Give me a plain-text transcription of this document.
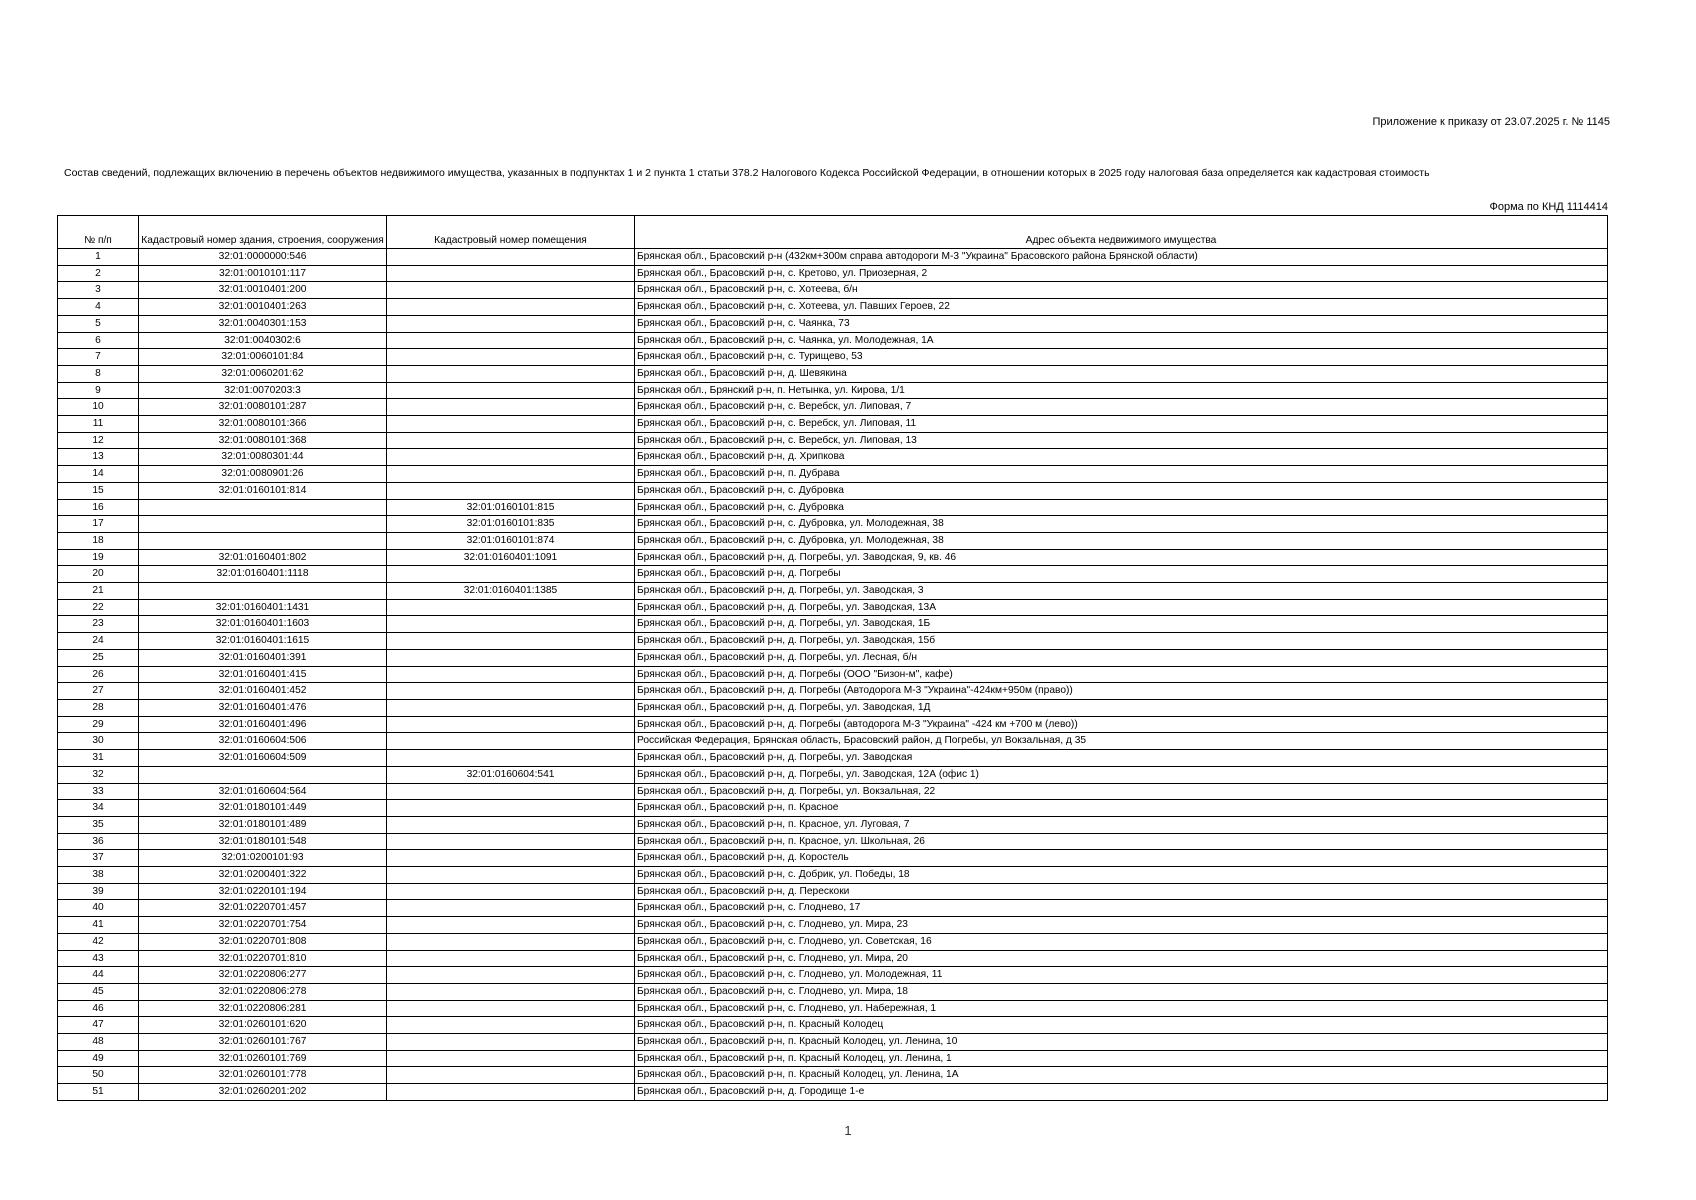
Приложение к приказу от 23.07.2025 г. № 1145
Состав сведений, подлежащих включению в перечень объектов недвижимого имущества, указанных в подпунктах 1 и 2 пункта 1 статьи 378.2 Налогового Кодекса Российской Федерации, в отношении которых в 2025 году налоговая база определяется как кадастровая стоимость
Форма по КНД 1114414
№ п/п	Кадастровый номер здания, строения, сооружения	Кадастровый номер помещения	Адрес объекта недвижимого имущества
1	32:01:0000000:546		Брянская обл., Брасовский р-н (432км+300м справа автодороги М-3 "Украина" Брасовского района Брянской области)
2	32:01:0010101:117		Брянская обл., Брасовский р-н, с. Кретово, ул. Приозерная, 2
3	32:01:0010401:200		Брянская обл., Брасовский р-н, с. Хотеева, б/н
4	32:01:0010401:263		Брянская обл., Брасовский р-н, с. Хотеева, ул. Павших Героев, 22
5	32:01:0040301:153		Брянская обл., Брасовский р-н, с. Чаянка, 73
6	32:01:0040302:6		Брянская обл., Брасовский р-н, с. Чаянка, ул. Молодежная, 1А
7	32:01:0060101:84		Брянская обл., Брасовский р-н, с. Турищево, 53
8	32:01:0060201:62		Брянская обл., Брасовский р-н, д. Шевякина
9	32:01:0070203:3		Брянская обл., Брянский р-н, п. Нетынка, ул. Кирова, 1/1
10	32:01:0080101:287		Брянская обл., Брасовский р-н, с. Веребск, ул. Липовая, 7
11	32:01:0080101:366		Брянская обл., Брасовский р-н, с. Веребск, ул. Липовая, 11
12	32:01:0080101:368		Брянская обл., Брасовский р-н, с. Веребск, ул. Липовая, 13
13	32:01:0080301:44		Брянская обл., Брасовский р-н, д. Хрипкова
14	32:01:0080901:26		Брянская обл., Брасовский р-н, п. Дубрава
15	32:01:0160101:814		Брянская обл., Брасовский р-н, с. Дубровка
16		32:01:0160101:815	Брянская обл., Брасовский р-н, с. Дубровка
17		32:01:0160101:835	Брянская обл., Брасовский р-н, с. Дубровка, ул. Молодежная, 38
18		32:01:0160101:874	Брянская обл., Брасовский р-н, с. Дубровка, ул. Молодежная, 38
19	32:01:0160401:802	32:01:0160401:1091	Брянская обл., Брасовский р-н, д. Погребы, ул. Заводская, 9, кв. 46
20	32:01:0160401:1118		Брянская обл., Брасовский р-н, д. Погребы
21		32:01:0160401:1385	Брянская обл., Брасовский р-н, д. Погребы, ул. Заводская, 3
22	32:01:0160401:1431		Брянская обл., Брасовский р-н, д. Погребы, ул. Заводская, 13А
23	32:01:0160401:1603		Брянская обл., Брасовский р-н, д. Погребы, ул. Заводская, 1Б
24	32:01:0160401:1615		Брянская обл., Брасовский р-н, д. Погребы, ул. Заводская, 15б
25	32:01:0160401:391		Брянская обл., Брасовский р-н, д. Погребы, ул. Лесная, б/н
26	32:01:0160401:415		Брянская обл., Брасовский р-н, д. Погребы (ООО "Бизон-м", кафе)
27	32:01:0160401:452		Брянская обл., Брасовский р-н, д. Погребы (Автодорога М-3 "Украина"-424км+950м (право))
28	32:01:0160401:476		Брянская обл., Брасовский р-н, д. Погребы, ул. Заводская, 1Д
29	32:01:0160401:496		Брянская обл., Брасовский р-н, д. Погребы (автодорога М-3 "Украина" -424 км +700 м (лево))
30	32:01:0160604:506		Российская Федерация, Брянская область, Брасовский район, д Погребы, ул Вокзальная, д 35
31	32:01:0160604:509		Брянская обл., Брасовский р-н, д. Погребы, ул. Заводская
32		32:01:0160604:541	Брянская обл., Брасовский р-н, д. Погребы, ул. Заводская, 12А (офис 1)
33	32:01:0160604:564		Брянская обл., Брасовский р-н, д. Погребы, ул. Вокзальная, 22
34	32:01:0180101:449		Брянская обл., Брасовский р-н, п. Красное
35	32:01:0180101:489		Брянская обл., Брасовский р-н, п. Красное, ул. Луговая, 7
36	32:01:0180101:548		Брянская обл., Брасовский р-н, п. Красное, ул. Школьная, 26
37	32:01:0200101:93		Брянская обл., Брасовский р-н, д. Коростель
38	32:01:0200401:322		Брянская обл., Брасовский р-н, с. Добрик, ул. Победы, 18
39	32:01:0220101:194		Брянская обл., Брасовский р-н, д. Перескоки
40	32:01:0220701:457		Брянская обл., Брасовский р-н, с. Глоднево, 17
41	32:01:0220701:754		Брянская обл., Брасовский р-н, с. Глоднево, ул. Мира, 23
42	32:01:0220701:808		Брянская обл., Брасовский р-н, с. Глоднево, ул. Советская, 16
43	32:01:0220701:810		Брянская обл., Брасовский р-н, с. Глоднево, ул. Мира, 20
44	32:01:0220806:277		Брянская обл., Брасовский р-н, с. Глоднево, ул. Молодежная, 11
45	32:01:0220806:278		Брянская обл., Брасовский р-н, с. Глоднево, ул. Мира, 18
46	32:01:0220806:281		Брянская обл., Брасовский р-н, с. Глоднево, ул. Набережная, 1
47	32:01:0260101:620		Брянская обл., Брасовский р-н, п. Красный Колодец
48	32:01:0260101:767		Брянская обл., Брасовский р-н, п. Красный Колодец, ул. Ленина, 10
49	32:01:0260101:769		Брянская обл., Брасовский р-н, п. Красный Колодец, ул. Ленина, 1
50	32:01:0260101:778		Брянская обл., Брасовский р-н, п. Красный Колодец, ул. Ленина, 1А
51	32:01:0260201:202		Брянская обл., Брасовский р-н, д. Городище 1-е
1
